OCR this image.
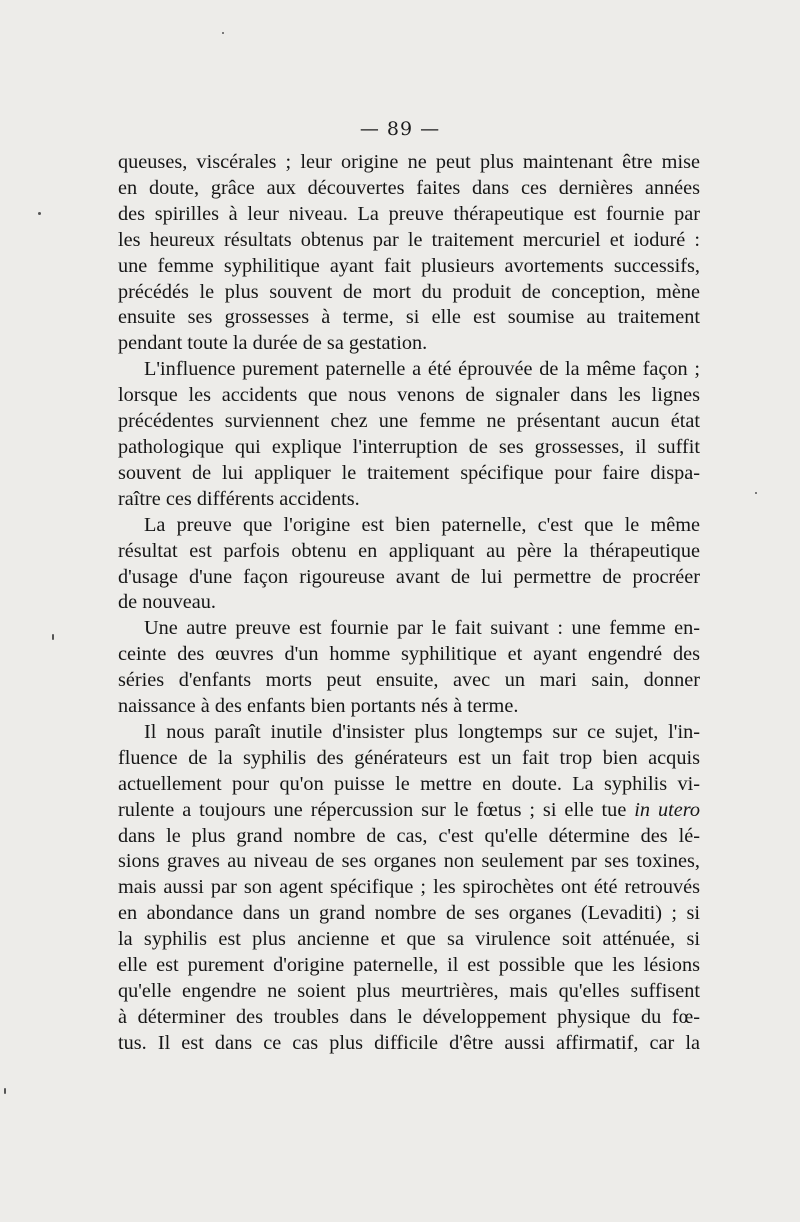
— 89 —
queuses, viscérales ; leur origine ne peut plus maintenant être mise
en doute, grâce aux découvertes faites dans ces dernières années
des spirilles à leur niveau. La preuve thérapeutique est fournie par
les heureux résultats obtenus par le traitement mercuriel et ioduré :
une femme syphilitique ayant fait plusieurs avortements successifs,
précédés le plus souvent de mort du produit de conception, mène
ensuite ses grossesses à terme, si elle est soumise au traitement
pendant toute la durée de sa gestation.
L'influence purement paternelle a été éprouvée de la même façon ;
lorsque les accidents que nous venons de signaler dans les lignes
précédentes surviennent chez une femme ne présentant aucun état
pathologique qui explique l'interruption de ses grossesses, il suffit
souvent de lui appliquer le traitement spécifique pour faire dispa-
raître ces différents accidents.
La preuve que l'origine est bien paternelle, c'est que le même
résultat est parfois obtenu en appliquant au père la thérapeutique
d'usage d'une façon rigoureuse avant de lui permettre de procréer
de nouveau.
Une autre preuve est fournie par le fait suivant : une femme en-
ceinte des œuvres d'un homme syphilitique et ayant engendré des
séries d'enfants morts peut ensuite, avec un mari sain, donner
naissance à des enfants bien portants nés à terme.
Il nous paraît inutile d'insister plus longtemps sur ce sujet, l'in-
fluence de la syphilis des générateurs est un fait trop bien acquis
actuellement pour qu'on puisse le mettre en doute. La syphilis vi-
rulente a toujours une répercussion sur le fœtus ; si elle tue in utero
dans le plus grand nombre de cas, c'est qu'elle détermine des lé-
sions graves au niveau de ses organes non seulement par ses toxines,
mais aussi par son agent spécifique ; les spirochètes ont été retrouvés
en abondance dans un grand nombre de ses organes (Levaditi) ; si
la syphilis est plus ancienne et que sa virulence soit atténuée, si
elle est purement d'origine paternelle, il est possible que les lésions
qu'elle engendre ne soient plus meurtrières, mais qu'elles suffisent
à déterminer des troubles dans le développement physique du fœ-
tus. Il est dans ce cas plus difficile d'être aussi affirmatif, car la
